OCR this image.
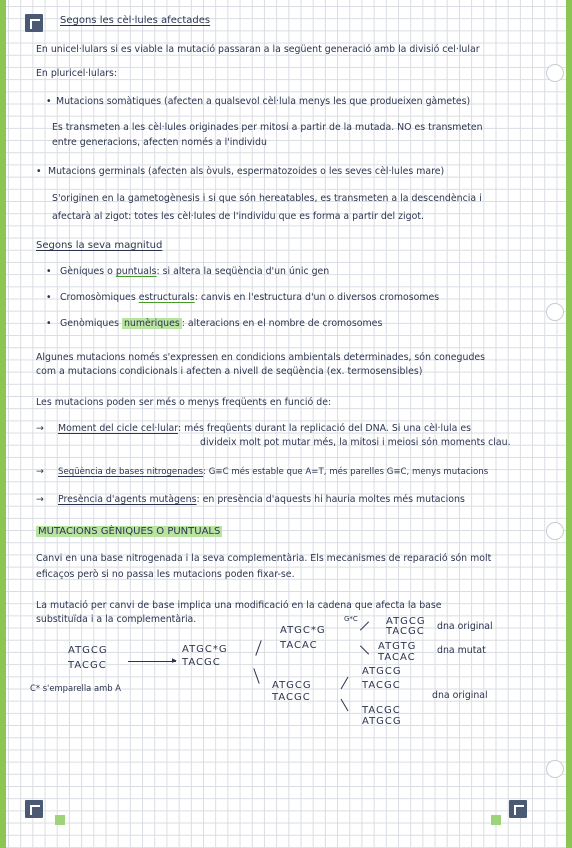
Segons les cèl·lules afectades
En unicel·lulars si es viable la mutació passaran a la següent generació amb la divisió cel·lular
En pluricel·lulars:
• Mutacions somàtiques (afecten a qualsevol cèl·lula menys les que produeixen gàmetes)
Es transmeten a les cèl·lules originades per mitosi a partir de la mutada. NO es transmeten
entre generacions, afecten només a l'individu
• Mutacions germinals (afecten als òvuls, espermatozoides o les seves cèl·lules mare)
S'originen en la gametogènesis i si que són hereatables, es transmeten a la descendència i
afectarà al zigot: totes les cèl·lules de l'individu que es forma a partir del zigot.
Segons la seva magnitud
• Gèniques o puntuals: si altera la seqüència d'un únic gen
• Cromosòmiques estructurals: canvis en l'estructura d'un o diversos cromosomes
• Genòmiques numèriques : alteracions en el nombre de cromosomes
Algunes mutacions només s'expressen en condicions ambientals determinades, són conegudes
com a mutacions condicionals i afecten a nivell de seqüència (ex. termosensibles)
Les mutacions poden ser més o menys freqüents en funció de:
→ Moment del cicle cel·lular: més freqüents durant la replicació del DNA. Si una cèl·lula es
divideix molt pot mutar més, la mitosi i meiosi són moments clau.
→ Seqüència de bases nitrogenades: G≡C més estable que A=T, més parelles G≡C, menys mutacions
→ Presència d'agents mutàgens: en presència d'aquests hi hauria moltes més mutacions
MUTACIONS GÈNIQUES O PUNTUALS
Canvi en una base nitrogenada i la seva complementària. Els mecanismes de reparació són molt
eficaços però si no passa les mutacions poden fixar-se.
La mutació per canvi de base implica una modificació en la cadena que afecta la base
substituïda i a la complementària.
ATGCG
TACGC	▸
ATGC*G
TACGC
G*C
ATGC*G
TACAC
ATGCG
TACGC dna original
ATGTG
TACAC
dna mutat
ATGCG
TACGC
ATGCG
TACGC
dna original
TACGC
ATGCG
C* s'emparella amb A
